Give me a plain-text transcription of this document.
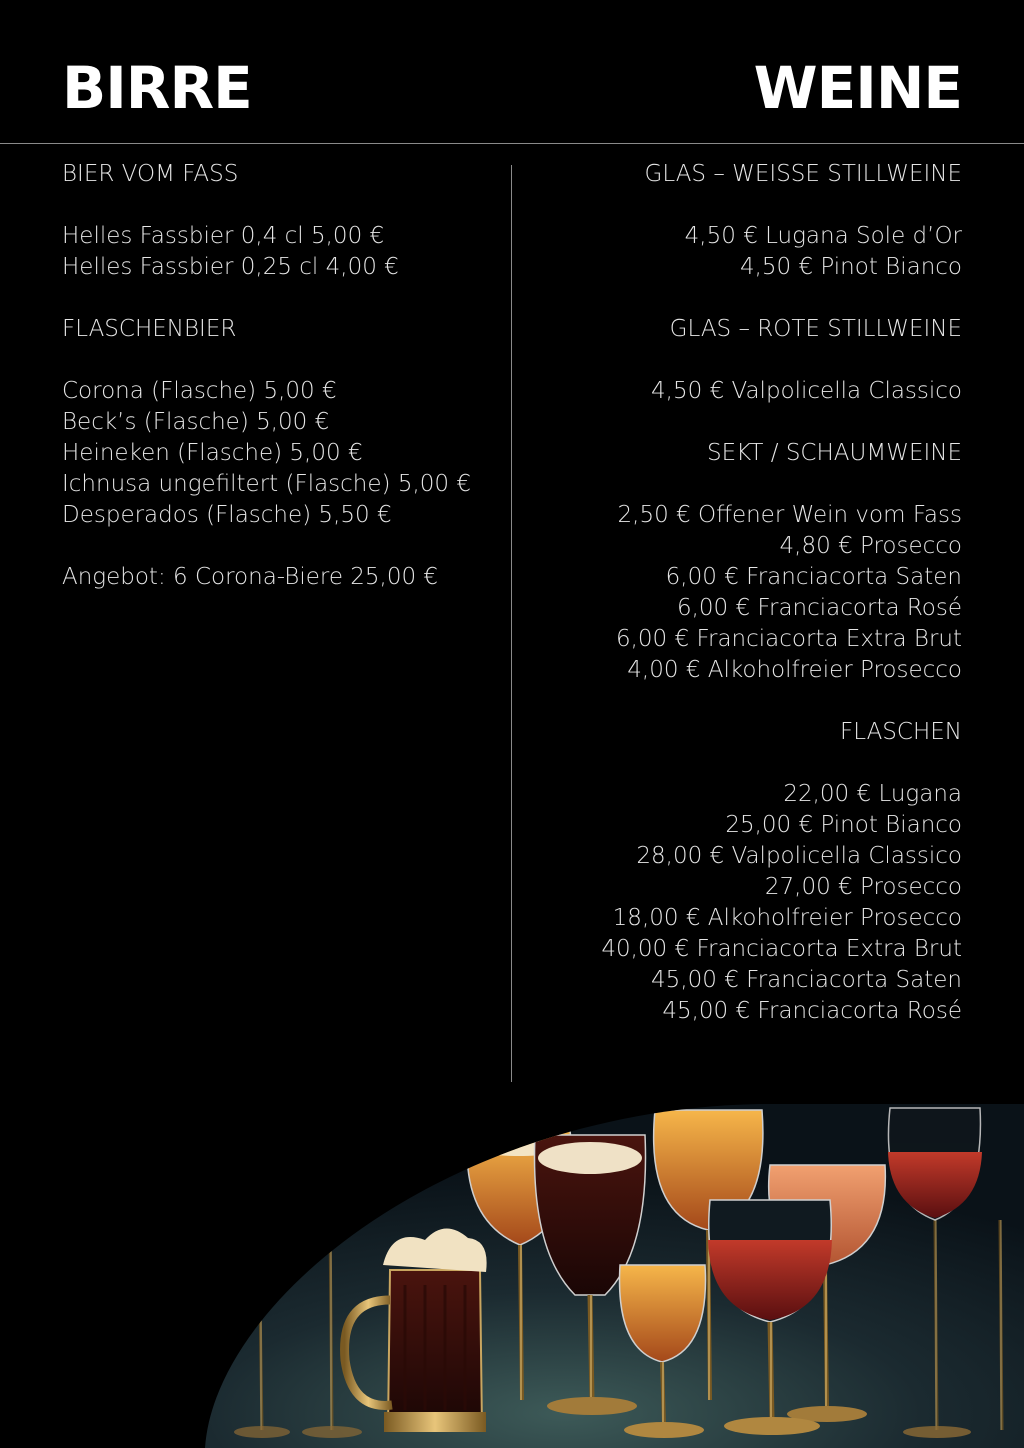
BIRRE	WEINE
BIER VOM FASS
Helles Fassbier 0,4 cl 5,00 €
Helles Fassbier 0,25 cl 4,00 €
FLASCHENBIER
Corona (Flasche) 5,00 €
Beck’s (Flasche) 5,00 €
Heineken (Flasche) 5,00 €
Ichnusa ungefiltert (Flasche) 5,00 €
Desperados (Flasche) 5,50 €
Angebot: 6 Corona-Biere 25,00 €
GLAS – WEISSE STILLWEINE
4,50 € Lugana Sole d’Or
4,50 € Pinot Bianco
GLAS – ROTE STILLWEINE
4,50 € Valpolicella Classico
SEKT / SCHAUMWEINE
2,50 € Offener Wein vom Fass
4,80 € Prosecco
6,00 € Franciacorta Saten
6,00 € Franciacorta Rosé
6,00 € Franciacorta Extra Brut
4,00 € Alkoholfreier Prosecco
FLASCHEN
22,00 € Lugana
25,00 € Pinot Bianco
28,00 € Valpolicella Classico
27,00 € Prosecco
18,00 € Alkoholfreier Prosecco
40,00 € Franciacorta Extra Brut
45,00 € Franciacorta Saten
45,00 € Franciacorta Rosé
